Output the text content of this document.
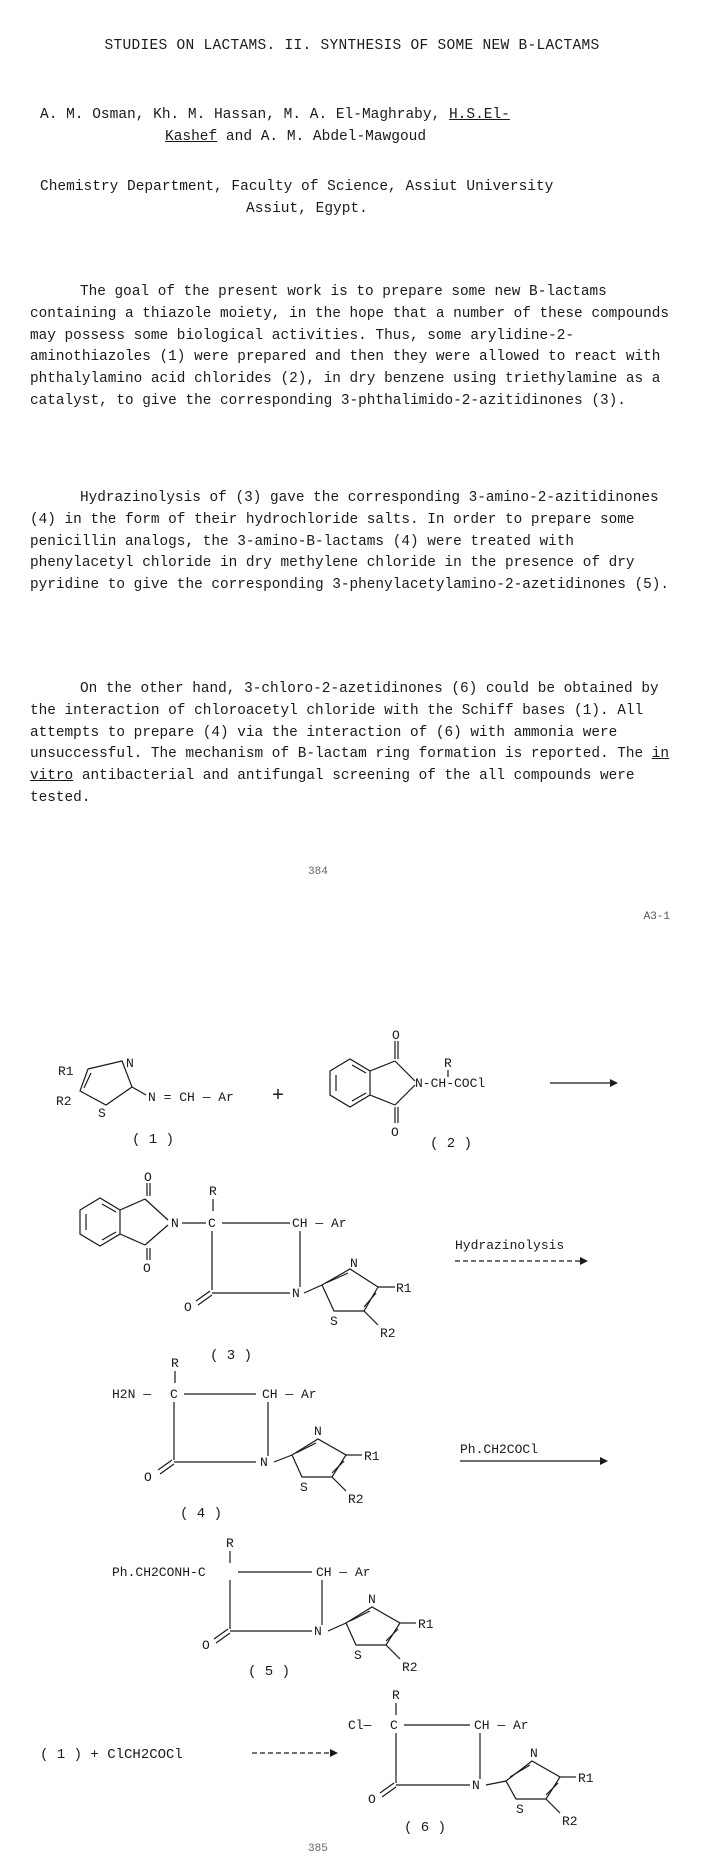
STUDIES ON LACTAMS. II. SYNTHESIS OF SOME NEW B-LACTAMS
A. M. Osman, Kh. M. Hassan, M. A. El-Maghraby, H.S.El-
Kashef and A. M. Abdel-Mawgoud
Chemistry Department, Faculty of Science, Assiut University
Assiut, Egypt.
The goal of the present work is to prepare some new B-lactams containing a thiazole moiety, in the hope that a number of these compounds may possess some biological activities. Thus, some arylidine-2-aminothiazoles (1) were prepared and then they were allowed to react with phthalylamino acid chlorides (2), in dry benzene using triethylamine as a catalyst, to give the corresponding 3-phthalimido-2-azitidinones (3).
Hydrazinolysis of (3) gave the corresponding 3-amino-2-azitidinones (4) in the form of their hydrochloride salts. In order to prepare some penicillin analogs, the 3-amino-B-lactams (4) were treated with phenylacetyl chloride in dry methylene chloride in the presence of dry pyridine to give the corresponding 3-phenylacetylamino-2-azetidinones (5).
On the other hand, 3-chloro-2-azetidinones (6) could be obtained by the interaction of chloroacetyl chloride with the Schiff bases (1). All attempts to prepare (4) via the interaction of (6) with ammonia were unsuccessful. The mechanism of B-lactam ring formation is reported. The in vitro antibacterial and antifungal screening of the all compounds were tested.
384
A3-1
N
S
R1
R2	N = CH — Ar
( 1 )
+
O
O
N-CH-COCl
R
( 2 )
O
O
N C
R
CH — Ar
O
N
N
S
R1
R2
( 3 )
Hydrazinolysis
H2N — C
R
CH — Ar
O
N
N
S
R1
R2
( 4 )
Ph.CH2COCl
Ph.CH2CONH-C
R
CH — Ar
O
N
N
S
R1
R2
( 5 )
( 1 ) + ClCH2COCl
Cl— C
R
CH — Ar
O
N
N
S
R1
R2
( 6 )
385
